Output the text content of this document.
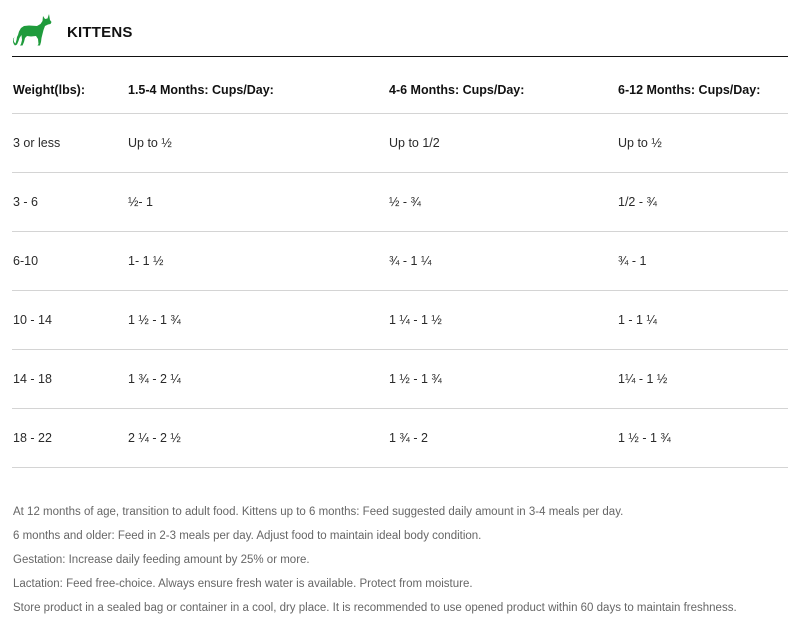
KITTENS
Weight(lbs):	1.5-4 Months: Cups/Day:	4-6 Months: Cups/Day:	6-12 Months: Cups/Day:
3 or less	Up to ½	Up to 1/2	Up to ½
3 - 6	½- 1	½ - ¾	1/2 - ¾
6-10	1- 1 ½	¾ - 1 ¼	¾ - 1
10 - 14	1 ½ - 1 ¾	1 ¼ - 1 ½	1 - 1 ¼
14 - 18	1 ¾ - 2 ¼	1 ½ - 1 ¾	1¼ - 1 ½
18 - 22	2 ¼ - 2 ½	1 ¾ - 2	1 ½ - 1 ¾
At 12 months of age, transition to adult food. Kittens up to 6 months: Feed suggested daily amount in 3-4 meals per day.
6 months and older: Feed in 2-3 meals per day. Adjust food to maintain ideal body condition.
Gestation: Increase daily feeding amount by 25% or more.
Lactation: Feed free-choice. Always ensure fresh water is available. Protect from moisture.
Store product in a sealed bag or container in a cool, dry place. It is recommended to use opened product within 60 days to maintain freshness.
